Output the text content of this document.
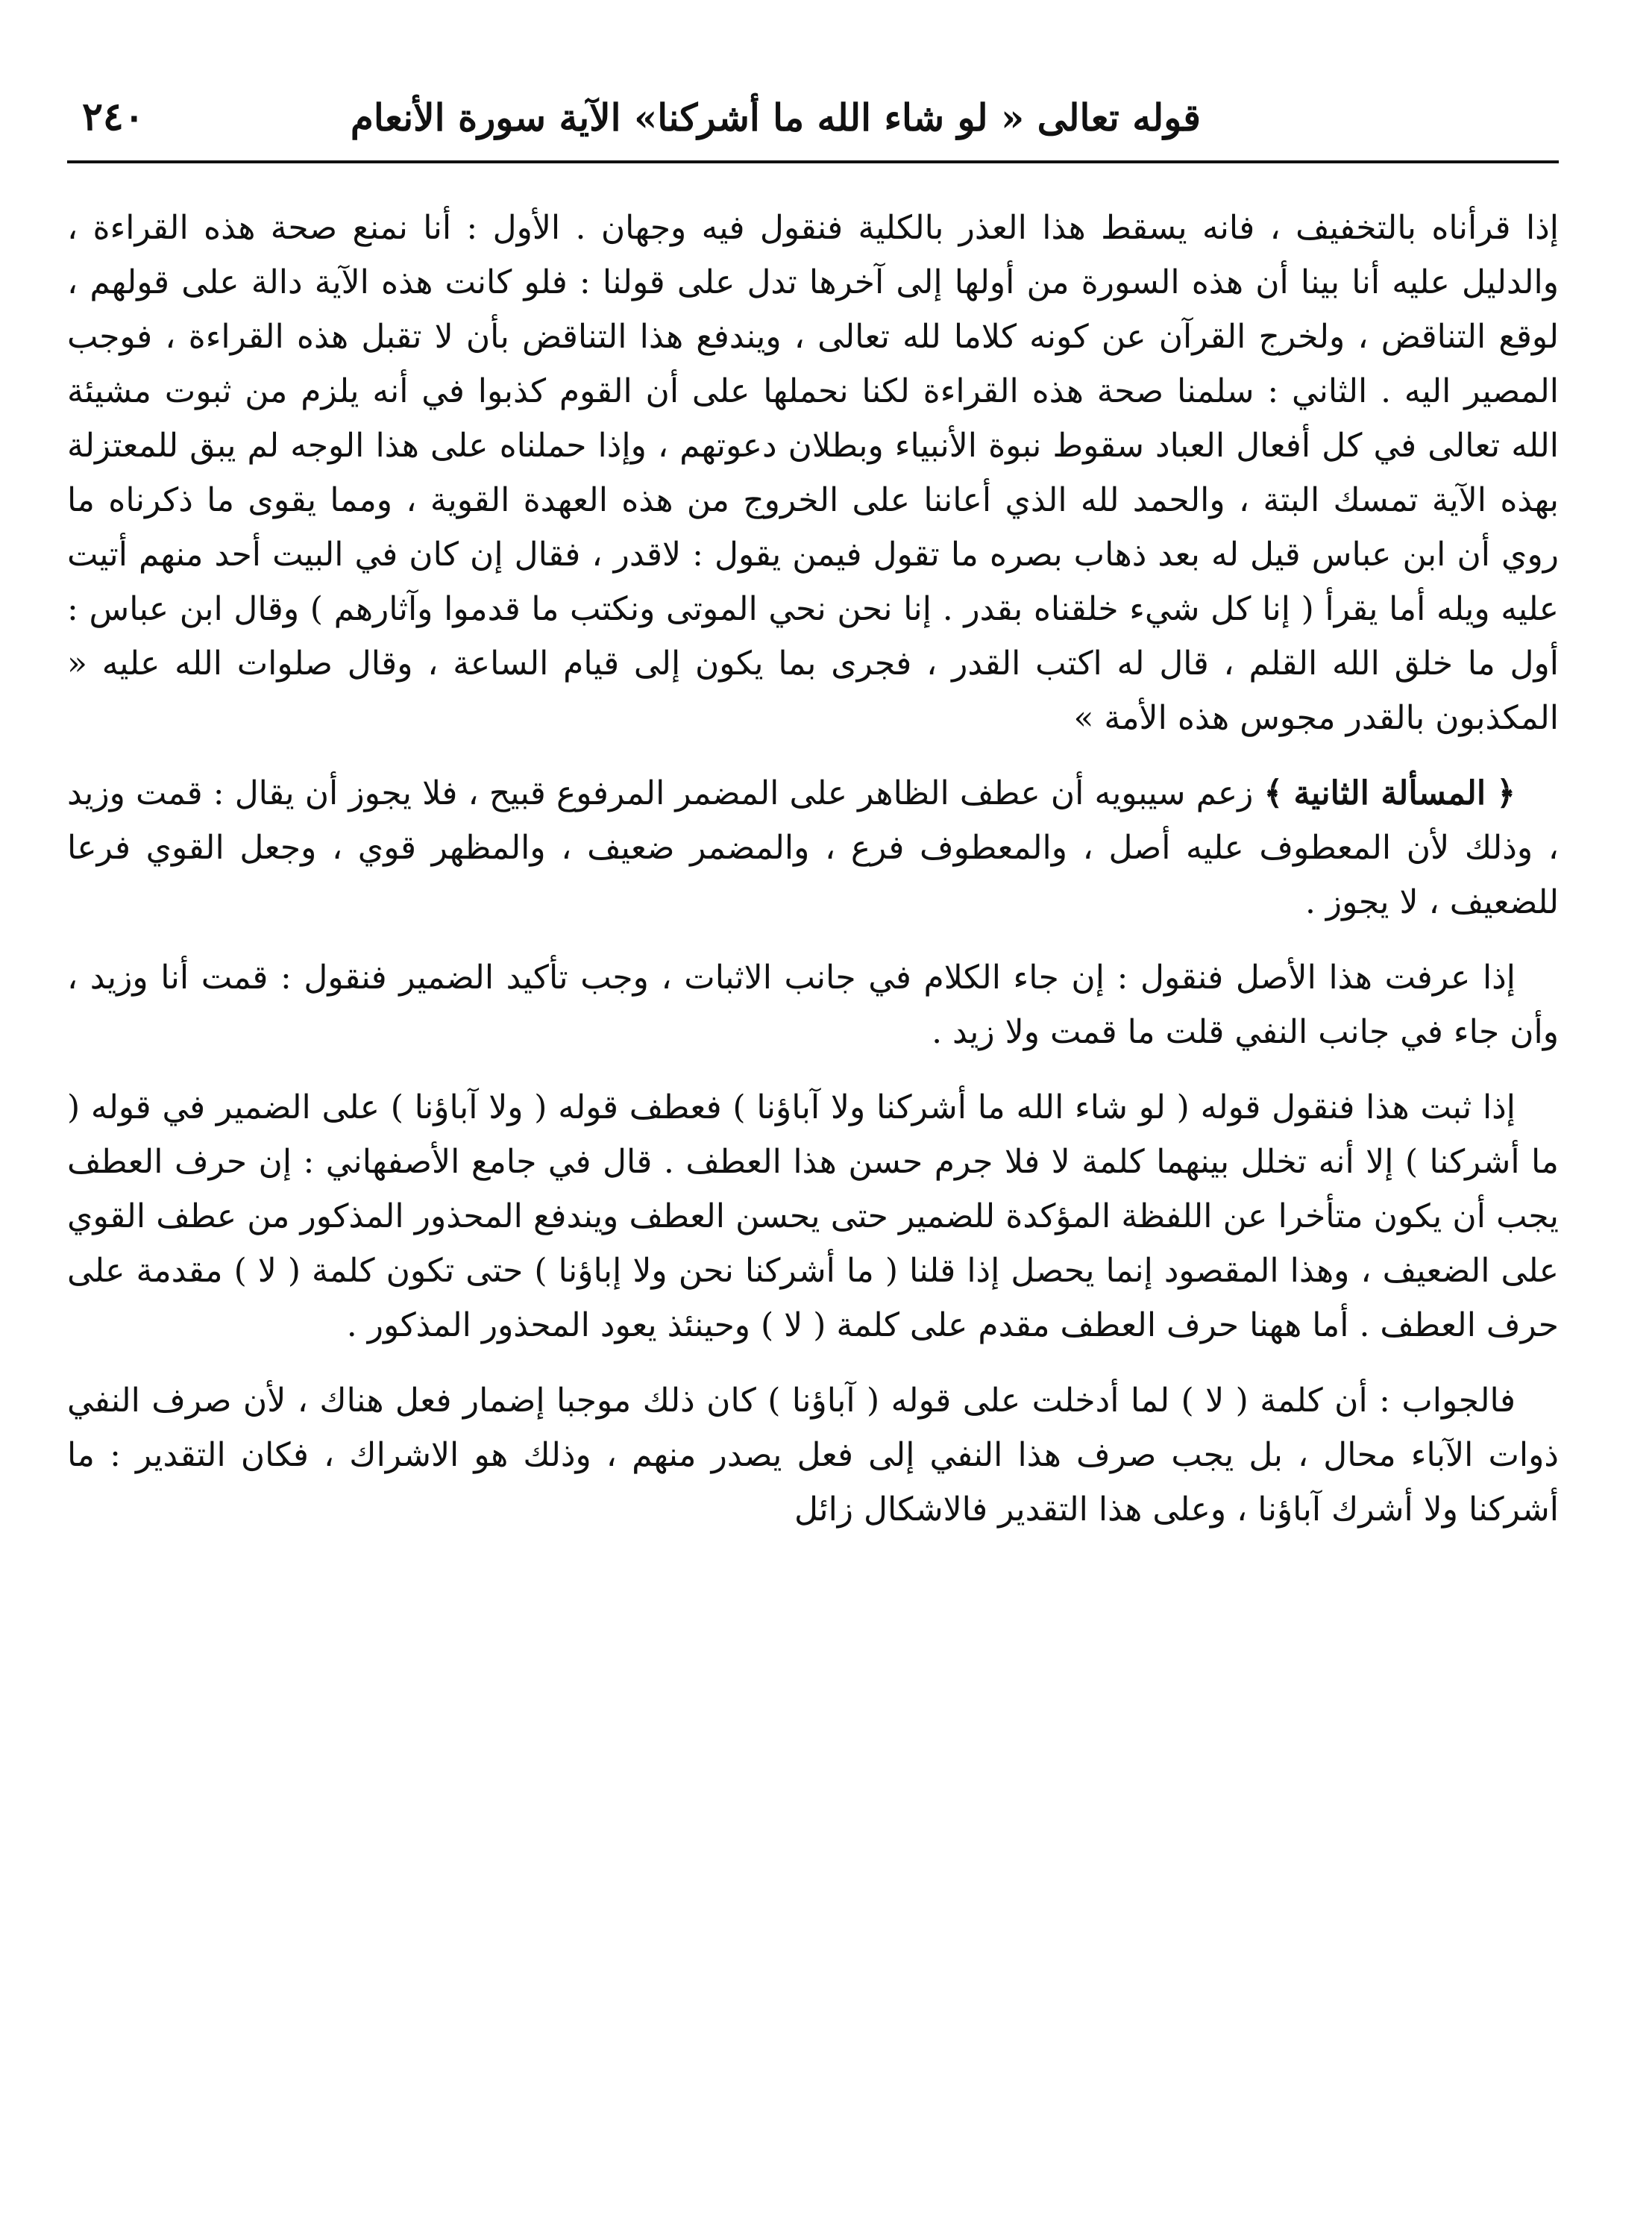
قوله تعالى « لو شاء الله ما أشركنا» الآية سورة الأنعام
٢٤٠

إذا قرأناه بالتخفيف ، فانه يسقط هذا العذر بالكلية فنقول فيه وجهان . الأول : أنا نمنع صحة هذه القراءة ، والدليل عليه أنا بينا أن هذه السورة من أولها إلى آخرها تدل على قولنا : فلو كانت هذه الآية دالة على قولهم ، لوقع التناقض ، ولخرج القرآن عن كونه كلاما لله تعالى ، ويندفع هذا التناقض بأن لا تقبل هذه القراءة ، فوجب المصير اليه . الثاني : سلمنا صحة هذه القراءة لكنا نحملها على أن القوم كذبوا في أنه يلزم من ثبوت مشيئة الله تعالى في كل أفعال العباد سقوط نبوة الأنبياء وبطلان دعوتهم ، وإذا حملناه على هذا الوجه لم يبق للمعتزلة بهذه الآية تمسك البتة ، والحمد لله الذي أعاننا على الخروج من هذه العهدة القوية ، ومما يقوى ما ذكرناه ما روي أن ابن عباس قيل له بعد ذهاب بصره ما تقول فيمن يقول : لاقدر ، فقال إن كان في البيت أحد منهم أتيت عليه ويله أما يقرأ ( إنا كل شيء خلقناه بقدر . إنا نحن نحي الموتى ونكتب ما قدموا وآثارهم ) وقال ابن عباس : أول ما خلق الله القلم ، قال له اكتب القدر ، فجرى بما يكون إلى قيام الساعة ، وقال صلوات الله عليه « المكذبون بالقدر مجوس هذه الأمة »

﴿ المسألة الثانية ﴾ زعم سيبويه أن عطف الظاهر على المضمر المرفوع قبيح ، فلا يجوز أن يقال : قمت وزيد ، وذلك لأن المعطوف عليه أصل ، والمعطوف فرع ، والمضمر ضعيف ، والمظهر قوي ، وجعل القوي فرعا للضعيف ، لا يجوز .

إذا عرفت هذا الأصل فنقول : إن جاء الكلام في جانب الاثبات ، وجب تأكيد الضمير فنقول : قمت أنا وزيد ، وأن جاء في جانب النفي قلت ما قمت ولا زيد .

إذا ثبت هذا فنقول قوله ( لو شاء الله ما أشركنا ولا آباؤنا ) فعطف قوله ( ولا آباؤنا ) على الضمير في قوله ( ما أشركنا ) إلا أنه تخلل بينهما كلمة لا فلا جرم حسن هذا العطف . قال في جامع الأصفهاني : إن حرف العطف يجب أن يكون متأخرا عن اللفظة المؤكدة للضمير حتى يحسن العطف ويندفع المحذور المذكور من عطف القوي على الضعيف ، وهذا المقصود إنما يحصل إذا قلنا ( ما أشركنا نحن ولا إباؤنا ) حتى تكون كلمة ( لا ) مقدمة على حرف العطف . أما ههنا حرف العطف مقدم على كلمة ( لا ) وحينئذ يعود المحذور المذكور .

فالجواب : أن كلمة ( لا ) لما أدخلت على قوله ( آباؤنا ) كان ذلك موجبا إضمار فعل هناك ، لأن صرف النفي ذوات الآباء محال ، بل يجب صرف هذا النفي إلى فعل يصدر منهم ، وذلك هو الاشراك ، فكان التقدير : ما أشركنا ولا أشرك آباؤنا ، وعلى هذا التقدير فالاشكال زائل
